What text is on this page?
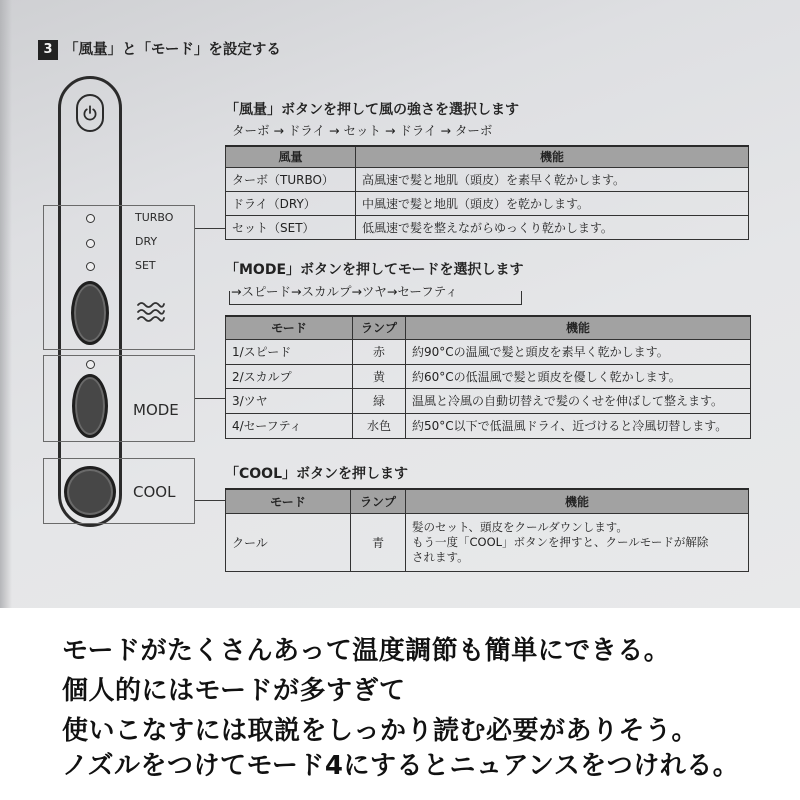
3 「風量」と「モード」を設定する
TURBO
DRY
SET
MODE
COOL
「風量」ボタンを押して風の強さを選択します
ターボ → ドライ → セット → ドライ → ターボ
風量	機能
ターボ（TURBO）	高風速で髪と地肌（頭皮）を素早く乾かします。
ドライ（DRY）	中風速で髪と地肌（頭皮）を乾かします。
セット（SET）	低風速で髪を整えながらゆっくり乾かします。
「MODE」ボタンを押してモードを選択します
→スピード→スカルプ→ツヤ→セーフティ
モード	ランプ	機能
1/スピード	赤	約90°Cの温風で髪と頭皮を素早く乾かします。
2/スカルプ	黄	約60°Cの低温風で髪と頭皮を優しく乾かします。
3/ツヤ	緑	温風と冷風の自動切替えで髪のくせを伸ばして整えます。
4/セーフティ	水色	約50°C以下で低温風ドライ、近づけると冷風切替します。
「COOL」ボタンを押します
モード	ランプ	機能
クール	青	髪のセット、頭皮をクールダウンします。
もう一度「COOL」ボタンを押すと、クールモードが解除
されます。
モードがたくさんあって温度調節も簡単にできる。
個人的にはモードが多すぎて
使いこなすには取説をしっかり読む必要がありそう。
ノズルをつけてモード4にするとニュアンスをつけれる。
